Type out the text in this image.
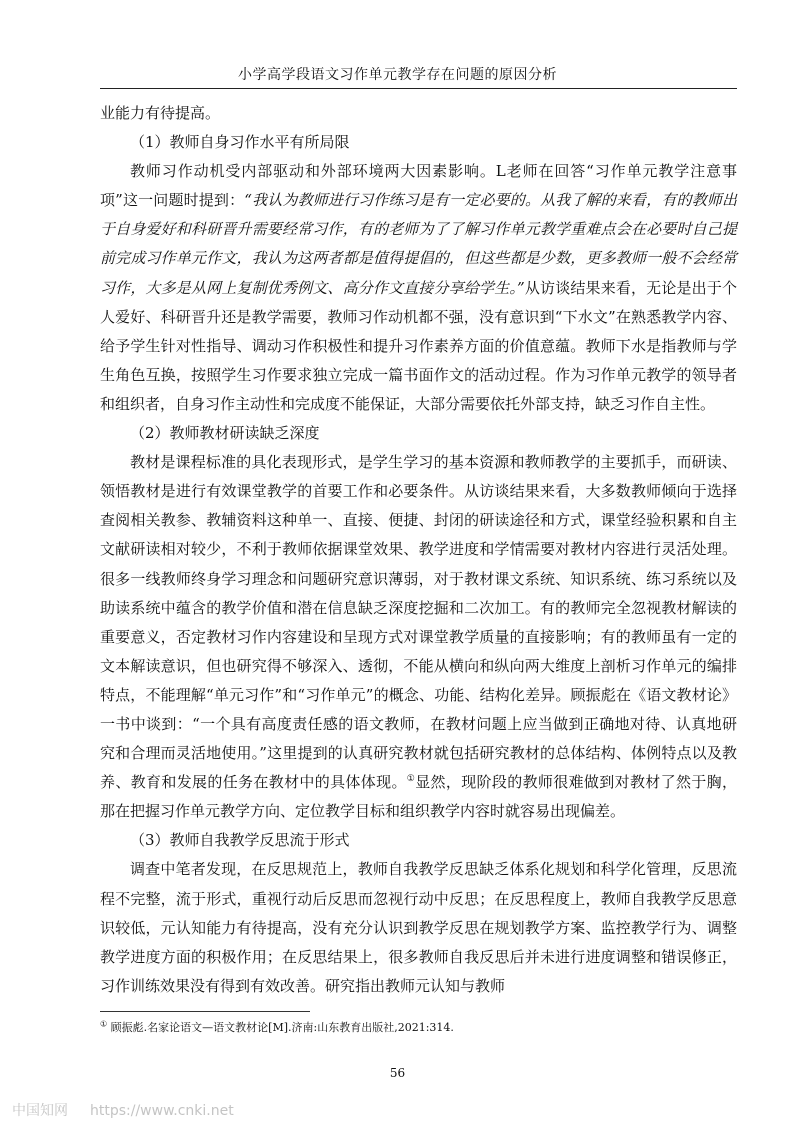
小学高学段语文习作单元教学存在问题的原因分析

业能力有待提高。

（1）教师自身习作水平有所局限

教师习作动机受内部驱动和外部环境两大因素影响。L老师在回答“习作单元教学注意事项”这一问题时提到：“我认为教师进行习作练习是有一定必要的。从我了解的来看，有的教师出于自身爱好和科研晋升需要经常习作，有的老师为了了解习作单元教学重难点会在必要时自己提前完成习作单元作文，我认为这两者都是值得提倡的，但这些都是少数，更多教师一般不会经常习作，大多是从网上复制优秀例文、高分作文直接分享给学生。”从访谈结果来看，无论是出于个人爱好、科研晋升还是教学需要，教师习作动机都不强，没有意识到“下水文”在熟悉教学内容、给予学生针对性指导、调动习作积极性和提升习作素养方面的价值意蕴。教师下水是指教师与学生角色互换，按照学生习作要求独立完成一篇书面作文的活动过程。作为习作单元教学的领导者和组织者，自身习作主动性和完成度不能保证，大部分需要依托外部支持，缺乏习作自主性。

（2）教师教材研读缺乏深度

教材是课程标准的具化表现形式，是学生学习的基本资源和教师教学的主要抓手，而研读、领悟教材是进行有效课堂教学的首要工作和必要条件。从访谈结果来看，大多数教师倾向于选择查阅相关教参、教辅资料这种单一、直接、便捷、封闭的研读途径和方式，课堂经验积累和自主文献研读相对较少，不利于教师依据课堂效果、教学进度和学情需要对教材内容进行灵活处理。很多一线教师终身学习理念和问题研究意识薄弱，对于教材课文系统、知识系统、练习系统以及助读系统中蕴含的教学价值和潜在信息缺乏深度挖掘和二次加工。有的教师完全忽视教材解读的重要意义，否定教材习作内容建设和呈现方式对课堂教学质量的直接影响；有的教师虽有一定的文本解读意识，但也研究得不够深入、透彻，不能从横向和纵向两大维度上剖析习作单元的编排特点，不能理解“单元习作”和“习作单元”的概念、功能、结构化差异。顾振彪在《语文教材论》一书中谈到：“一个具有高度责任感的语文教师，在教材问题上应当做到正确地对待、认真地研究和合理而灵活地使用。”这里提到的认真研究教材就包括研究教材的总体结构、体例特点以及教养、教育和发展的任务在教材中的具体体现。①显然，现阶段的教师很难做到对教材了然于胸，那在把握习作单元教学方向、定位教学目标和组织教学内容时就容易出现偏差。

（3）教师自我教学反思流于形式

调查中笔者发现，在反思规范上，教师自我教学反思缺乏体系化规划和科学化管理，反思流程不完整，流于形式，重视行动后反思而忽视行动中反思；在反思程度上，教师自我教学反思意识较低，元认知能力有待提高，没有充分认识到教学反思在规划教学方案、监控教学行为、调整教学进度方面的积极作用；在反思结果上，很多教师自我反思后并未进行进度调整和错误修正，习作训练效果没有得到有效改善。研究指出教师元认知与教师

① 顾振彪.名家论语文—语文教材论[M].济南:山东教育出版社,2021:314.
56
中国知网 https://www.cnki.net
